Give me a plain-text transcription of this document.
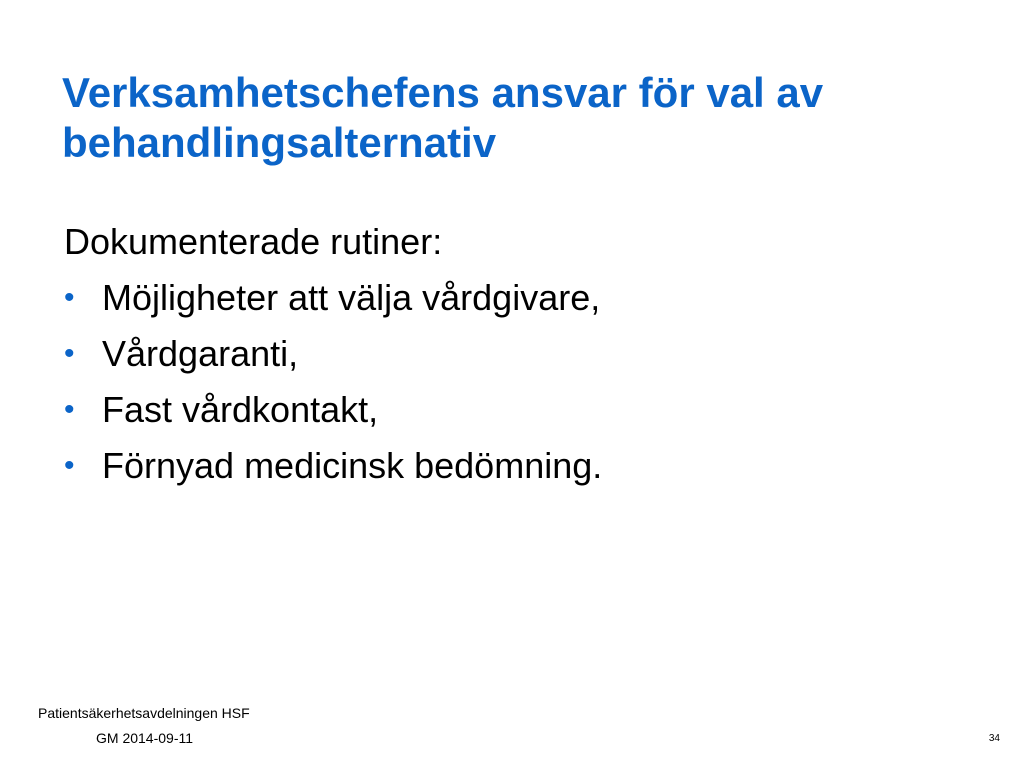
Verksamhetschefens ansvar för val av
behandlingsalternativ

Dokumenterade rutiner:

• Möjligheter att välja vårdgivare,
• Vårdgaranti,
• Fast vårdkontakt,
• Förnyad medicinsk bedömning.
Patientsäkerhetsavdelningen HSF
GM 2014-09-11	34
